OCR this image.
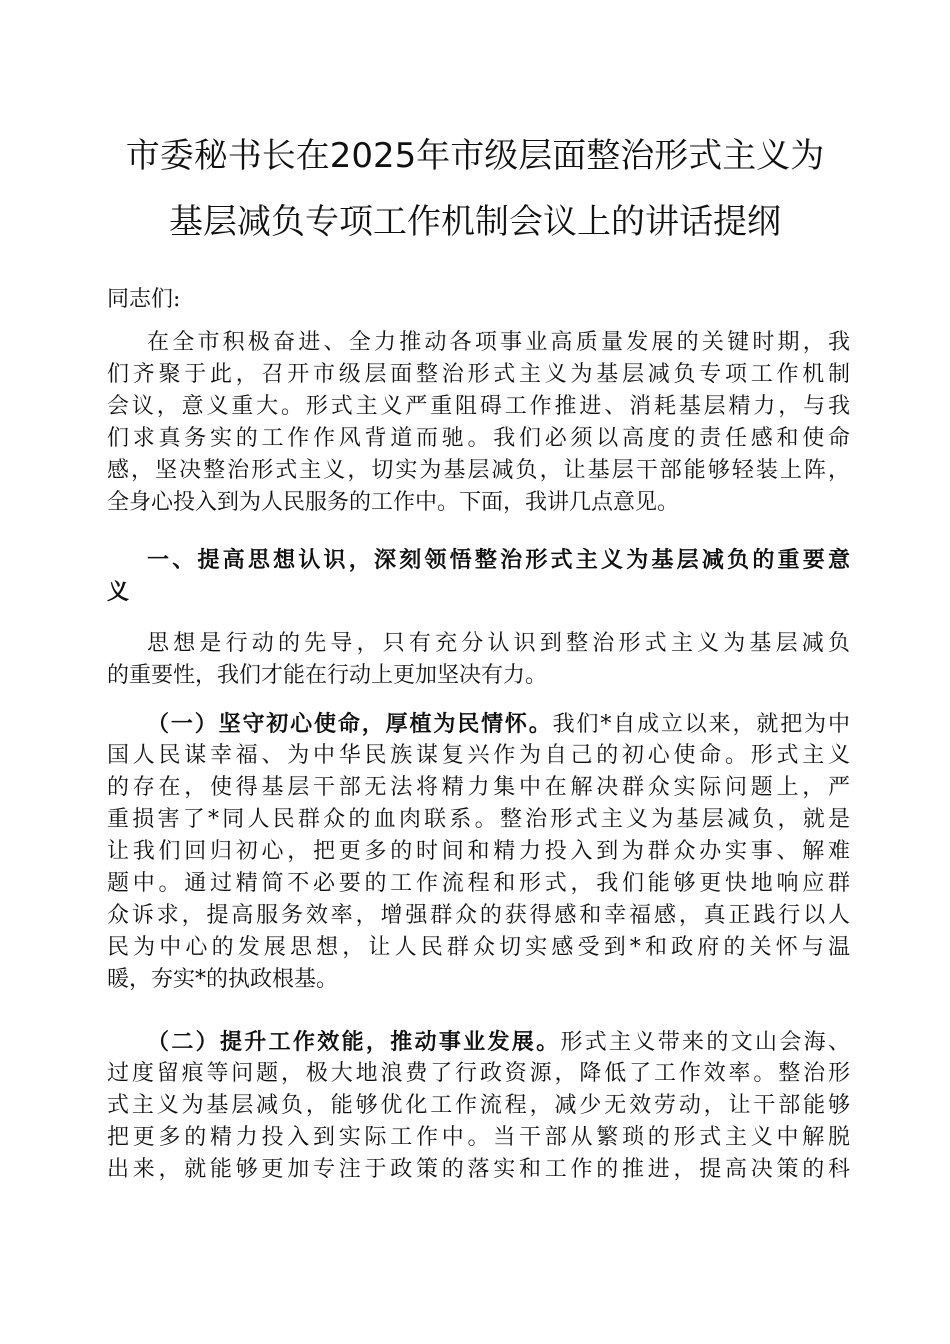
市委秘书长在2025年市级层面整治形式主义为
基层减负专项工作机制会议上的讲话提纲

同志们:

在全市积极奋进、全力推动各项事业高质量发展的关键时期，我

们齐聚于此，召开市级层面整治形式主义为基层减负专项工作机制

会议，意义重大。形式主义严重阻碍工作推进、消耗基层精力，与我

们求真务实的工作作风背道而驰。我们必须以高度的责任感和使命

感，坚决整治形式主义，切实为基层减负，让基层干部能够轻装上阵，

全身心投入到为人民服务的工作中。下面，我讲几点意见。

一、提高思想认识，深刻领悟整治形式主义为基层减负的重要意

义

思想是行动的先导，只有充分认识到整治形式主义为基层减负

的重要性，我们才能在行动上更加坚决有力。

（一）坚守初心使命，厚植为民情怀。我们*自成立以来，就把为中

国人民谋幸福、为中华民族谋复兴作为自己的初心使命。形式主义

的存在，使得基层干部无法将精力集中在解决群众实际问题上，严

重损害了*同人民群众的血肉联系。整治形式主义为基层减负，就是

让我们回归初心，把更多的时间和精力投入到为群众办实事、解难

题中。通过精简不必要的工作流程和形式，我们能够更快地响应群

众诉求，提高服务效率，增强群众的获得感和幸福感，真正践行以人

民为中心的发展思想，让人民群众切实感受到*和政府的关怀与温

暖，夯实*的执政根基。

（二）提升工作效能，推动事业发展。形式主义带来的文山会海、

过度留痕等问题，极大地浪费了行政资源，降低了工作效率。整治形

式主义为基层减负，能够优化工作流程，减少无效劳动，让干部能够

把更多的精力投入到实际工作中。当干部从繁琐的形式主义中解脱

出来，就能够更加专注于政策的落实和工作的推进，提高决策的科
